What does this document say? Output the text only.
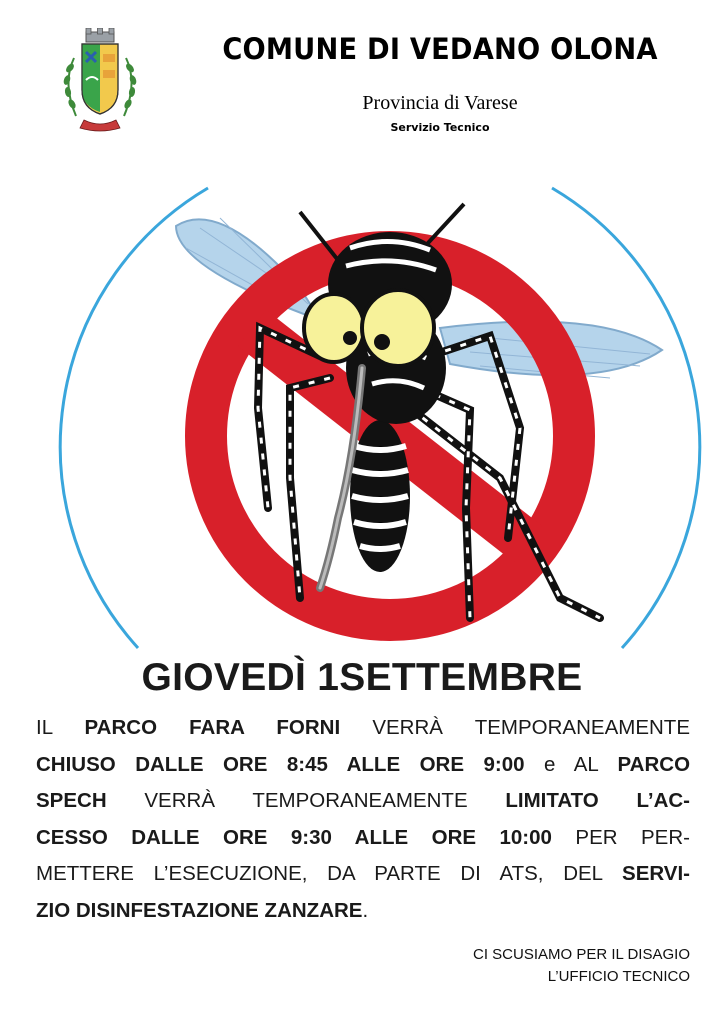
COMUNE DI VEDANO OLONA
Provincia di Varese
Servizio Tecnico
GIOVEDÌ 1SETTEMBRE
IL PARCO FARA FORNI VERRÀ TEMPORANEAMENTE
CHIUSO DALLE ORE 8:45 ALLE ORE 9:00 e AL PARCO
SPECH VERRÀ TEMPORANEAMENTE LIMITATO L’AC-
CESSO DALLE ORE 9:30 ALLE ORE 10:00 PER PER-
METTERE L’ESECUZIONE, DA PARTE DI ATS, DEL SERVI-
ZIO DISINFESTAZIONE ZANZARE.
CI SCUSIAMO PER IL DISAGIO
L’UFFICIO TECNICO
